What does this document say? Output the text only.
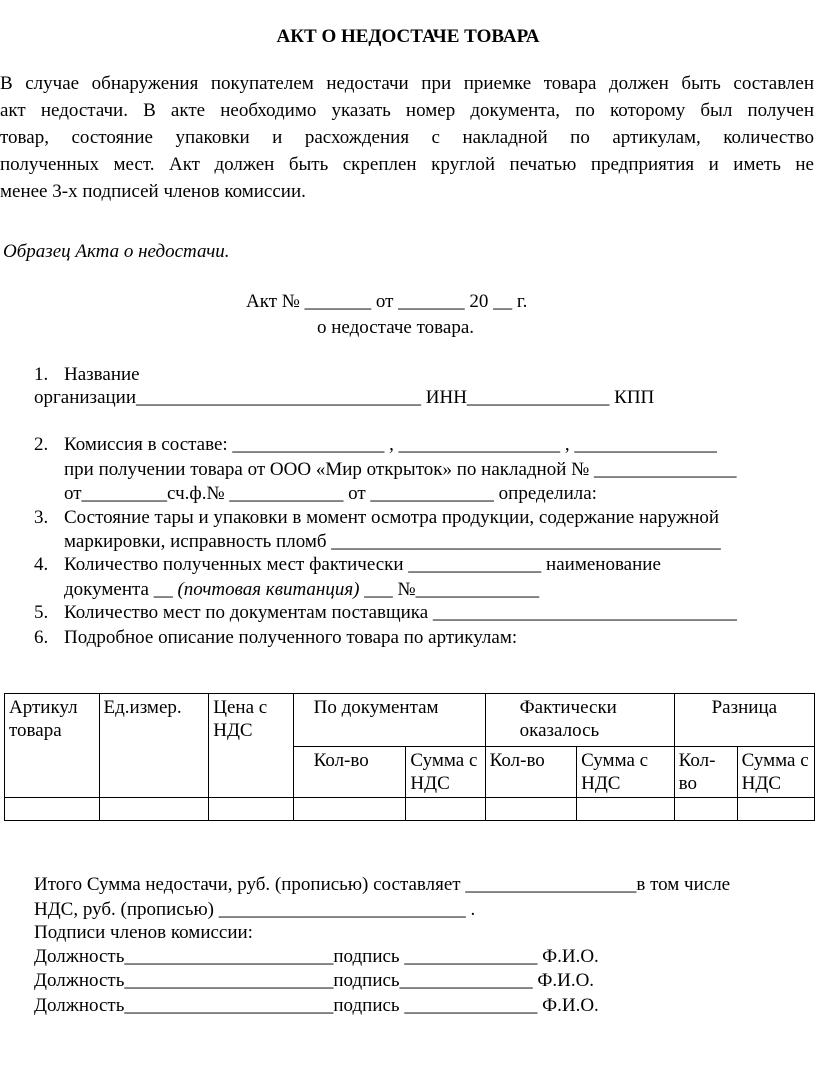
АКТ О НЕДОСТАЧЕ ТОВАРА
В случае обнаружения покупателем недостачи при приемке товара должен быть составлен
акт недостачи. В акте необходимо указать номер документа, по которому был получен
товар, состояние упаковки и расхождения с накладной по артикулам, количество
полученных мест. Акт должен быть скреплен круглой печатью предприятия и иметь не
менее 3-х подписей членов комиссии.
Образец Акта о недостачи.
Акт № _______ от _______ 20 __ г.
о недостаче товара.
1. Название
организации______________________________ ИНН_______________ КПП
2. Комиссия в составе: ________________ , _________________ , _______________
при получении товара от ООО «Мир открыток» по накладной № _______________
от_________сч.ф.№ ____________ от _____________ определила:
3. Состояние тары и упаковки в момент осмотра продукции, содержание наружной
маркировки, исправность пломб _________________________________________
4. Количество полученных мест фактически ______________ наименование
документа __ (почтовая квитанция) ___ №_____________
5. Количество мест по документам поставщика ________________________________
6. Подробное описание полученного товара по артикулам:
Артикул товара	Ед.измер.	Цена с НДС	По документам		Фактически оказалось		Разница	
			Кол-во	Сумма с НДС	Кол-во	Сумма с НДС	Кол-во	Сумма с НДС

Итого Сумма недостачи, руб. (прописью) составляет __________________в том числе
НДС, руб. (прописью) __________________________ .
Подписи членов комиссии:
Должность______________________подпись ______________ Ф.И.О.
Должность______________________подпись______________ Ф.И.О.
Должность______________________подпись ______________ Ф.И.О.
